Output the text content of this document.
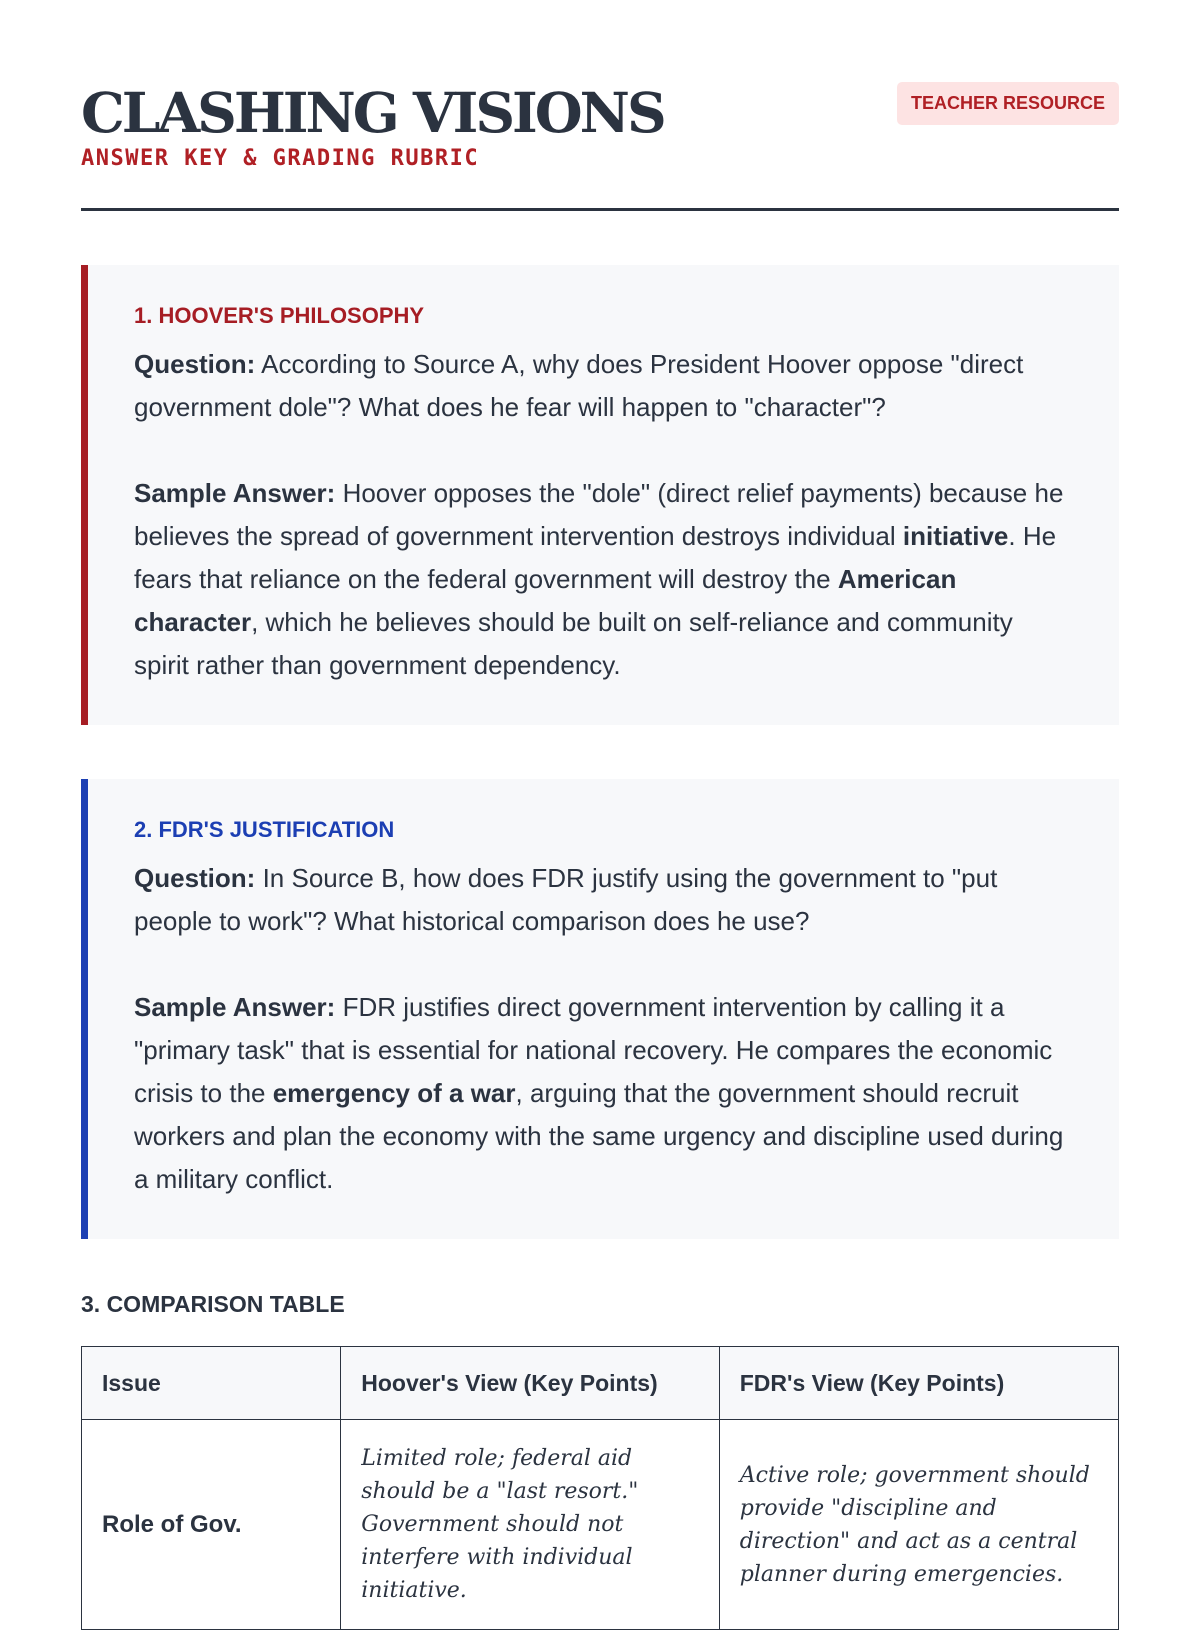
CLASHING VISIONS
ANSWER KEY & GRADING RUBRIC
TEACHER RESOURCE
1. HOOVER'S PHILOSOPHY

Question: According to Source A, why does President Hoover oppose "direct government dole"? What does he fear will happen to "character"?

Sample Answer: Hoover opposes the "dole" (direct relief payments) because he believes the spread of government intervention destroys individual initiative. He fears that reliance on the federal government will destroy the American character, which he believes should be built on self-reliance and community spirit rather than government dependency.

2. FDR'S JUSTIFICATION

Question: In Source B, how does FDR justify using the government to "put people to work"? What historical comparison does he use?

Sample Answer: FDR justifies direct government intervention by calling it a "primary task" that is essential for national recovery. He compares the economic crisis to the emergency of a war, arguing that the government should recruit workers and plan the economy with the same urgency and discipline used during a military conflict.

3. COMPARISON TABLE
Issue	Hoover's View (Key Points)	FDR's View (Key Points)
Role of Gov.	Limited role; federal aid should be a "last resort." Government should not interfere with individual initiative.	Active role; government should provide "discipline and direction" and act as a central planner during emergencies.
